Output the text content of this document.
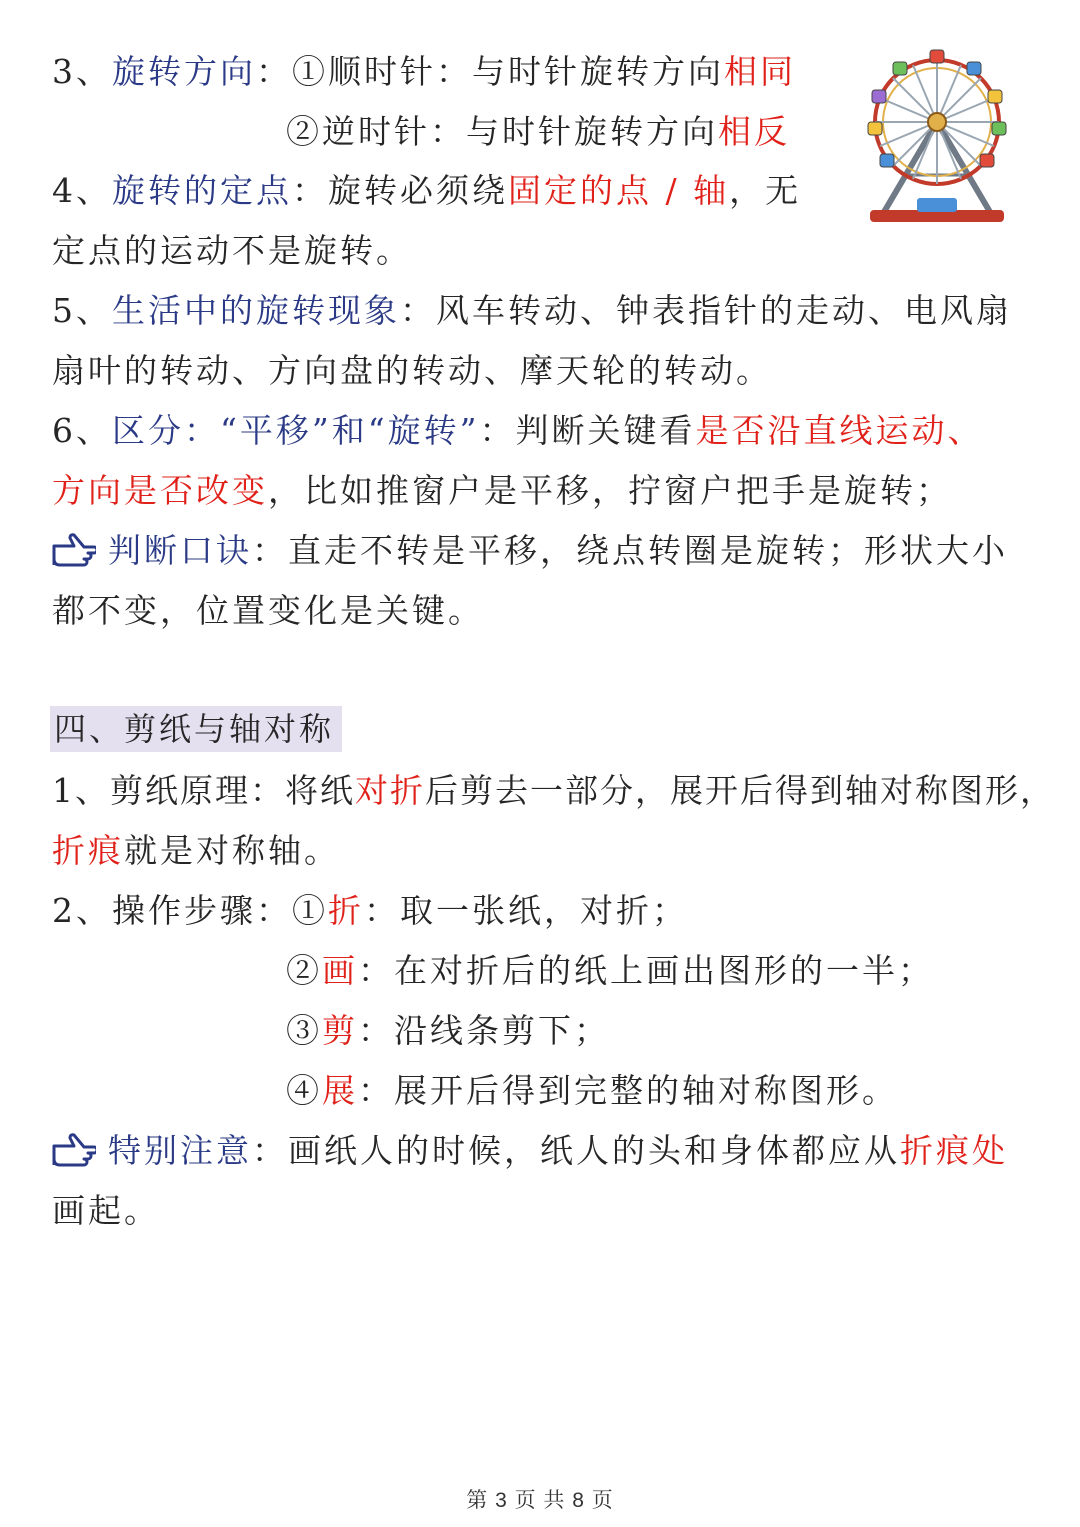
3、旋转方向：①顺时针：与时针旋转方向相同
②逆时针：与时针旋转方向相反
4、旋转的定点：旋转必须绕固定的点 / 轴，无
定点的运动不是旋转。
5、生活中的旋转现象：风车转动、钟表指针的走动、电风扇
扇叶的转动、方向盘的转动、摩天轮的转动。
6、区分：“平移”和“旋转”：判断关键看是否沿直线运动、
方向是否改变，比如推窗户是平移，拧窗户把手是旋转；
判断口诀：直走不转是平移，绕点转圈是旋转；形状大小
都不变，位置变化是关键。
四、剪纸与轴对称
1、剪纸原理：将纸对折后剪去一部分，展开后得到轴对称图形，
折痕就是对称轴。
2、操作步骤：①折：取一张纸，对折；
②画：在对折后的纸上画出图形的一半；
③剪：沿线条剪下；
④展：展开后得到完整的轴对称图形。
特别注意：画纸人的时候，纸人的头和身体都应从折痕处
画起。
第 3 页 共 8 页
